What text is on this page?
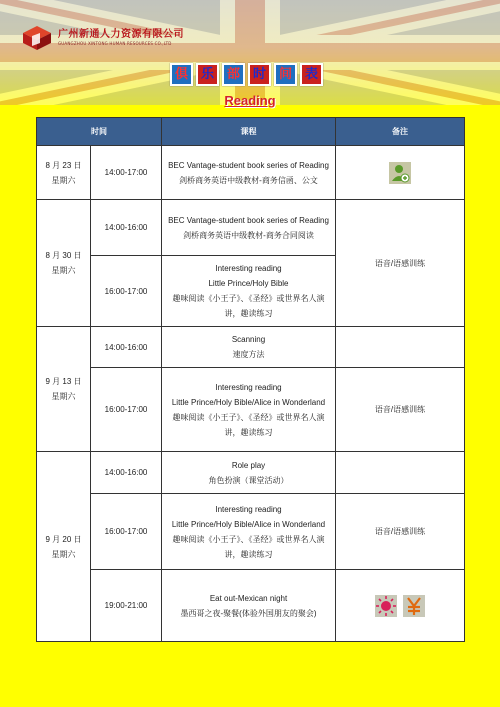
广州新通人力资源有限公司
GUANGZHOU XINTONG HUMAN RESOURCES CO.,LTD
俱 乐 部 时 间 表
Reading
时间		课程	备注

8 月 23 日
星期六	14:00-17:00	BEC Vantage-student book series of Reading
剑桥商务英语中级教材-商务信函、公文

8 月 30 日
星期六	14:00-16:00	BEC Vantage-student book series of Reading
剑桥商务英语中级教材-商务合同阅读	语音/语感训练
	16:00-17:00	Interesting reading
Little Prince/Holy Bible
趣味阅读《小王子》、《圣经》或世界名人演讲，趣读练习	

9 月 13 日
星期六	14:00-16:00	Scanning
速度方法	

	16:00-17:00	Interesting reading
Little Prince/Holy Bible/Alice in Wonderland
趣味阅读《小王子》、《圣经》或世界名人演讲，趣读练习	语音/语感训练

9 月 20 日
星期六	14:00-16:00	Role play
角色扮演（课堂活动）	

	16:00-17:00	Interesting reading
Little Prince/Holy Bible/Alice in Wonderland
趣味阅读《小王子》、《圣经》或世界名人演讲，趣读练习	语音/语感训练
	19:00-21:00	Eat out-Mexican night
墨西哥之夜-聚餐(体验外国朋友的聚会)
